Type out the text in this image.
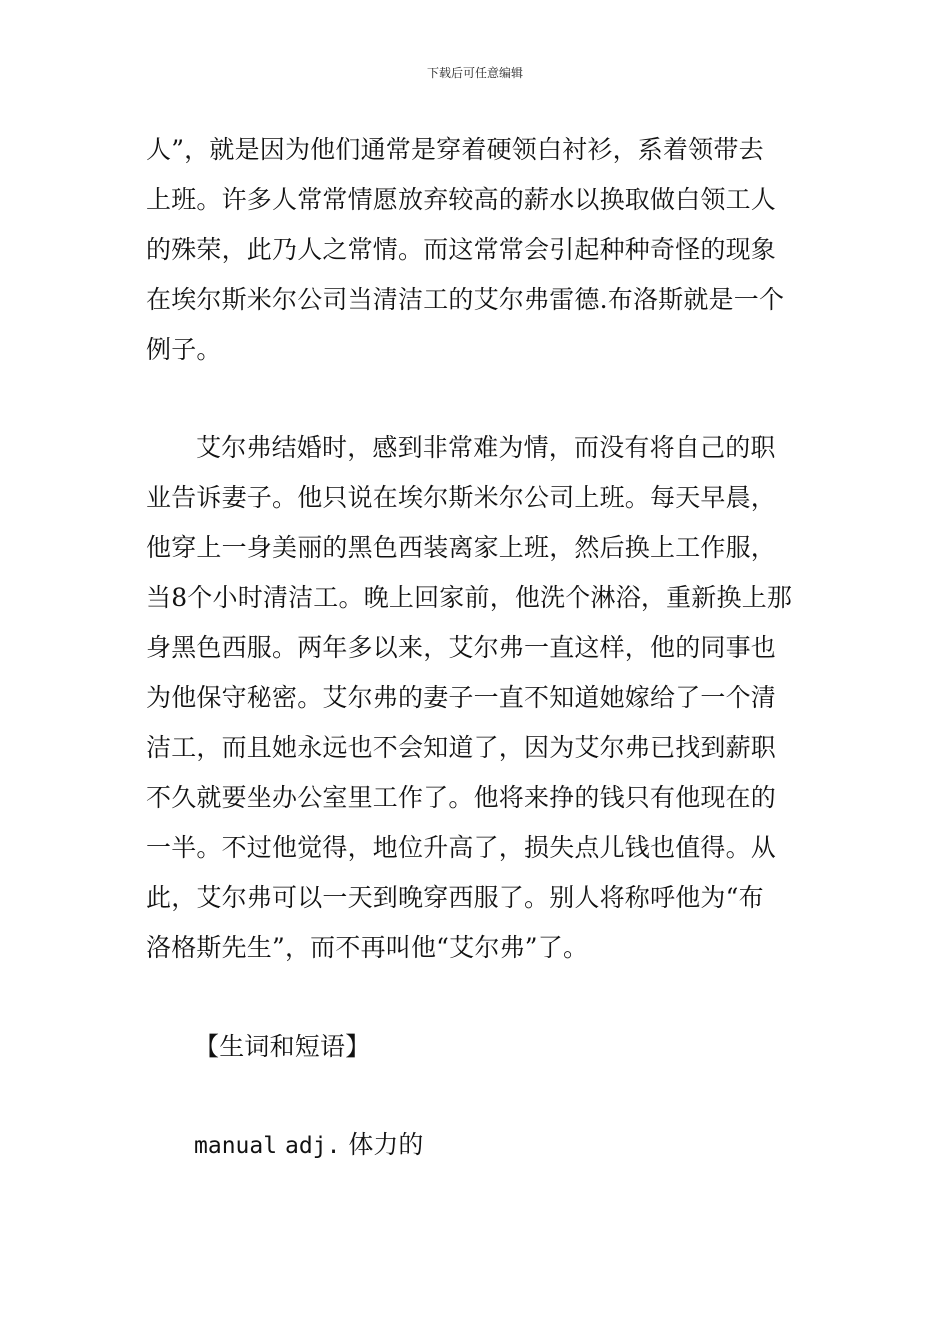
下载后可任意编辑
人”，就是因为他们通常是穿着硬领白衬衫，系着领带去
上班。许多人常常情愿放弃较高的薪水以换取做白领工人
的殊荣，此乃人之常情。而这常常会引起种种奇怪的现象
在埃尔斯米尔公司当清洁工的艾尔弗雷德.布洛斯就是一个
例子。
艾尔弗结婚时，感到非常难为情，而没有将自己的职
业告诉妻子。他只说在埃尔斯米尔公司上班。每天早晨，
他穿上一身美丽的黑色西装离家上班，然后换上工作服，
当8个小时清洁工。晚上回家前，他洗个淋浴，重新换上那
身黑色西服。两年多以来，艾尔弗一直这样，他的同事也
为他保守秘密。艾尔弗的妻子一直不知道她嫁给了一个清
洁工，而且她永远也不会知道了，因为艾尔弗已找到薪职
不久就要坐办公室里工作了。他将来挣的钱只有他现在的
一半。不过他觉得，地位升高了，损失点儿钱也值得。从
此，艾尔弗可以一天到晚穿西服了。别人将称呼他为“布
洛格斯先生”，而不再叫他“艾尔弗”了。
【生词和短语】
manual adj. 体力的
